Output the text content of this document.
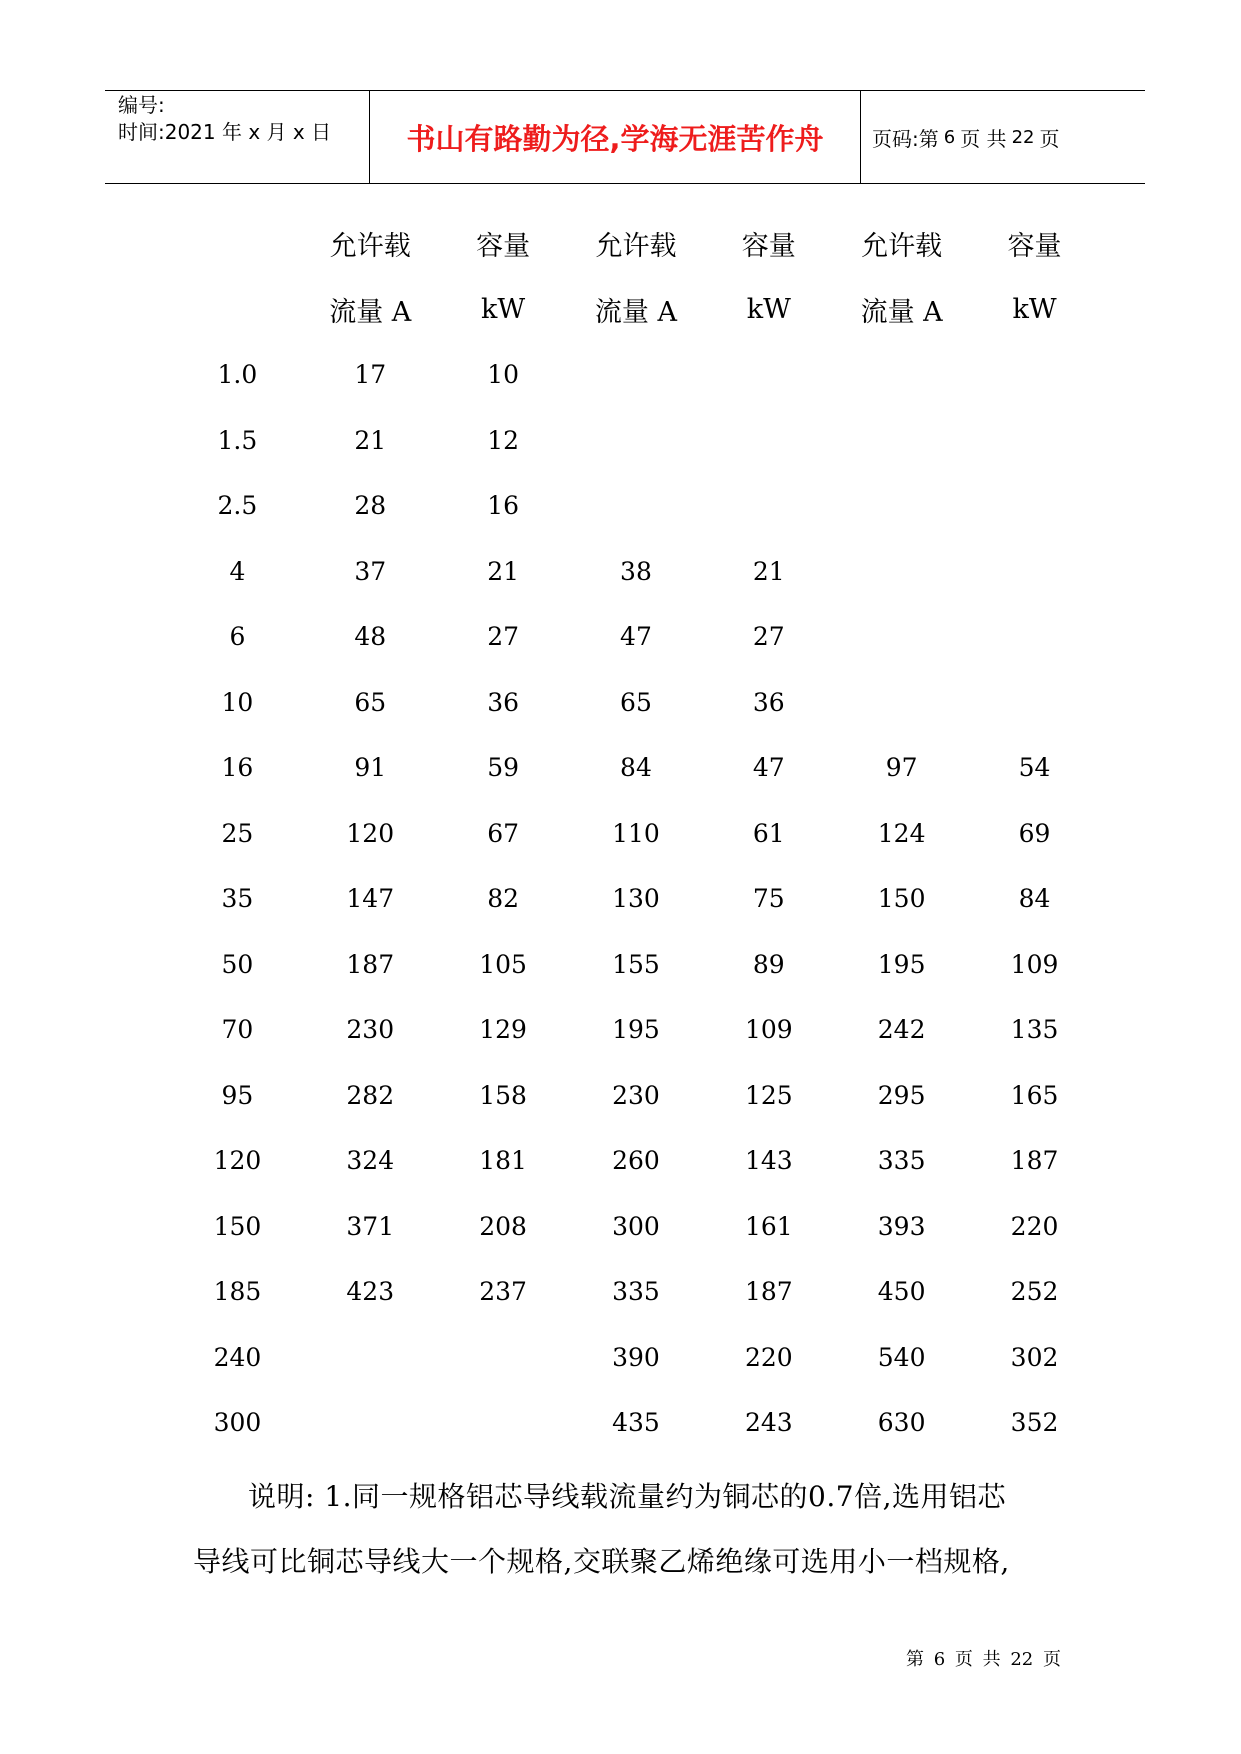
编号:
时间:2021 年 x 月 x 日	书山有路勤为径,学海无涯苦作舟	页码:第 6 页 共 22 页
	允许载	容量	允许载	容量	允许载	容量
	流量 A	kW	流量 A	kW	流量 A	kW
1.0	17	10				
1.5	21	12				
2.5	28	16				
4	37	21	38	21		
6	48	27	47	27		
10	65	36	65	36		
16	91	59	84	47	97	54
25	120	67	110	61	124	69
35	147	82	130	75	150	84
50	187	105	155	89	195	109
70	230	129	195	109	242	135
95	282	158	230	125	295	165
120	324	181	260	143	335	187
150	371	208	300	161	393	220
185	423	237	335	187	450	252
240			390	220	540	302
300			435	243	630	352
说明: 1.同一规格铝芯导线载流量约为铜芯的0.7倍,选用铝芯
导线可比铜芯导线大一个规格,交联聚乙烯绝缘可选用小一档规格,
第 6 页 共 22 页
